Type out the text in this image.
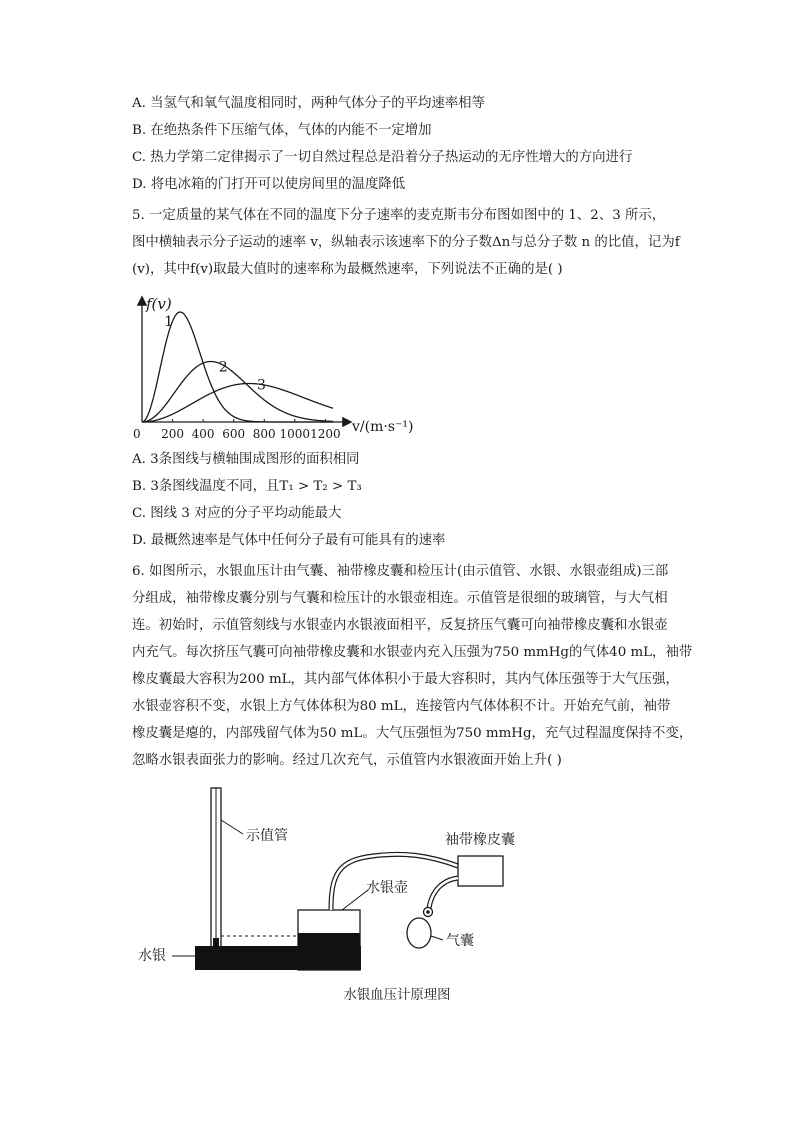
A. 当氢气和氧气温度相同时，两种气体分子的平均速率相等
B. 在绝热条件下压缩气体，气体的内能不一定增加
C. 热力学第二定律揭示了一切自然过程总是沿着分子热运动的无序性增大的方向进行
D. 将电冰箱的门打开可以使房间里的温度降低
5. 一定质量的某气体在不同的温度下分子速率的麦克斯韦分布图如图中的 1、2、3 所示，
图中横轴表示分子运动的速率 v，纵轴表示该速率下的分子数Δn与总分子数 n 的比值，记为f
(v)，其中f(v)取最大值时的速率称为最概然速率，下列说法不正确的是( )
f(v)
0 200 400 600 800 1000 1200 v/(m·s⁻¹)
1
2
3
A. 3条图线与横轴围成图形的面积相同
B. 3条图线温度不同，且T₁ > T₂ > T₃
C. 图线 3 对应的分子平均动能最大
D. 最概然速率是气体中任何分子最有可能具有的速率
6. 如图所示，水银血压计由气囊、袖带橡皮囊和检压计(由示值管、水银、水银壶组成)三部
分组成，袖带橡皮囊分别与气囊和检压计的水银壶相连。示值管是很细的玻璃管，与大气相
连。初始时，示值管刻线与水银壶内水银液面相平，反复挤压气囊可向袖带橡皮囊和水银壶
内充气。每次挤压气囊可向袖带橡皮囊和水银壶内充入压强为750 mmHg的气体40 mL，袖带
橡皮囊最大容积为200 mL，其内部气体体积小于最大容积时，其内气体压强等于大气压强，
水银壶容积不变，水银上方气体体积为80 mL，连接管内气体体积不计。开始充气前，袖带
橡皮囊是瘪的，内部残留气体为50 mL。大气压强恒为750 mmHg，充气过程温度保持不变，
忽略水银表面张力的影响。经过几次充气，示值管内水银液面开始上升( )
示值管
水银
水银壶
袖带橡皮囊
气囊
水银血压计原理图
